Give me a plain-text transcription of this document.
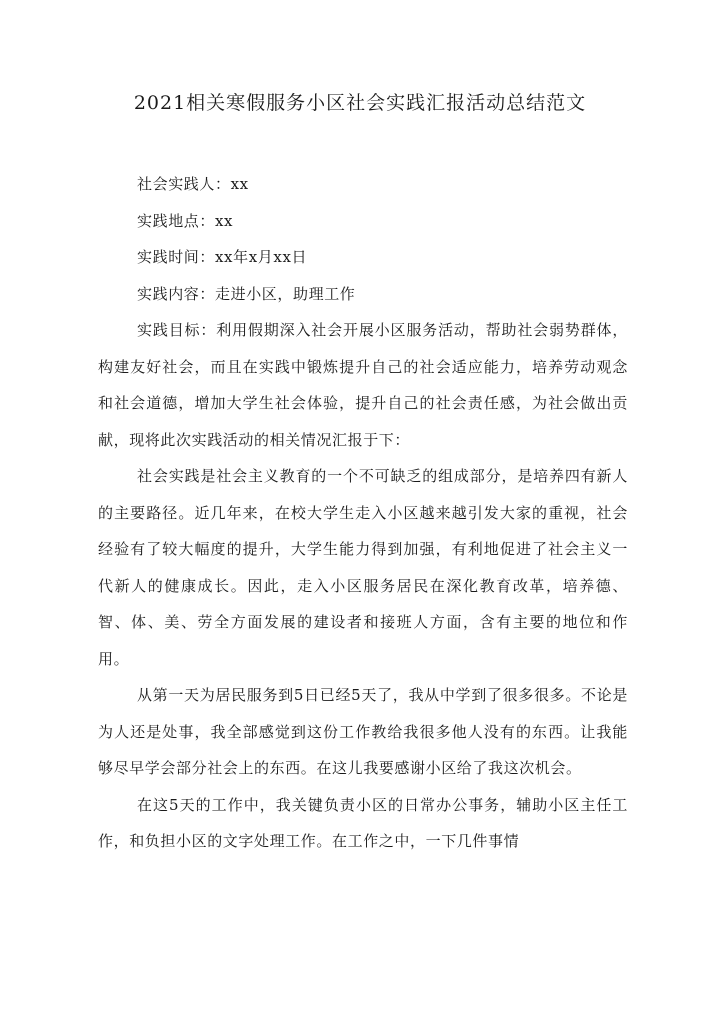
2021相关寒假服务小区社会实践汇报活动总结范文

社会实践人：xx

实践地点：xx

实践时间：xx年x月xx日

实践内容：走进小区，助理工作

实践目标：利用假期深入社会开展小区服务活动，帮助社会弱势群体，构建友好社会，而且在实践中锻炼提升自己的社会适应能力，培养劳动观念和社会道德，增加大学生社会体验，提升自己的社会责任感，为社会做出贡献，现将此次实践活动的相关情况汇报于下：

社会实践是社会主义教育的一个不可缺乏的组成部分，是培养四有新人的主要路径。近几年来，在校大学生走入小区越来越引发大家的重视，社会经验有了较大幅度的提升，大学生能力得到加强，有利地促进了社会主义一代新人的健康成长。因此，走入小区服务居民在深化教育改革，培养德、智、体、美、劳全方面发展的建设者和接班人方面，含有主要的地位和作用。

从第一天为居民服务到5日已经5天了，我从中学到了很多很多。不论是为人还是处事，我全部感觉到这份工作教给我很多他人没有的东西。让我能够尽早学会部分社会上的东西。在这儿我要感谢小区给了我这次机会。

在这5天的工作中，我关键负责小区的日常办公事务，辅助小区主任工作，和负担小区的文字处理工作。在工作之中，一下几件事情
